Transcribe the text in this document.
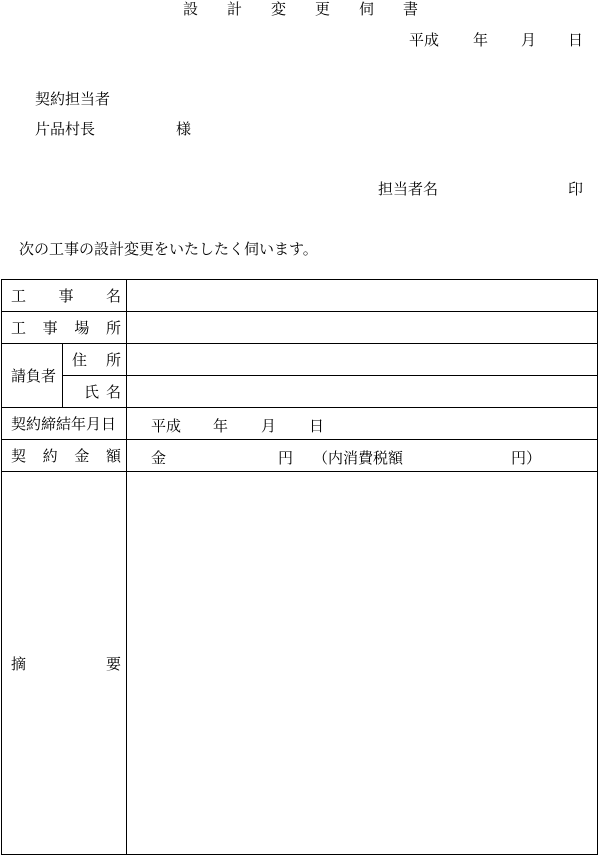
設 計 変 更 伺 書
平成 年 月 日
契約担当者
片品村長	様
担当者名	印
次の工事の設計変更をいたしたく伺います。
工 事 名		

工 事 場 所		

請負者	住 所	

	氏 名	

契約締結年月日		平成 年 月 日

契 約 金 額		金 円 （内消費税額 円）

摘 要		
